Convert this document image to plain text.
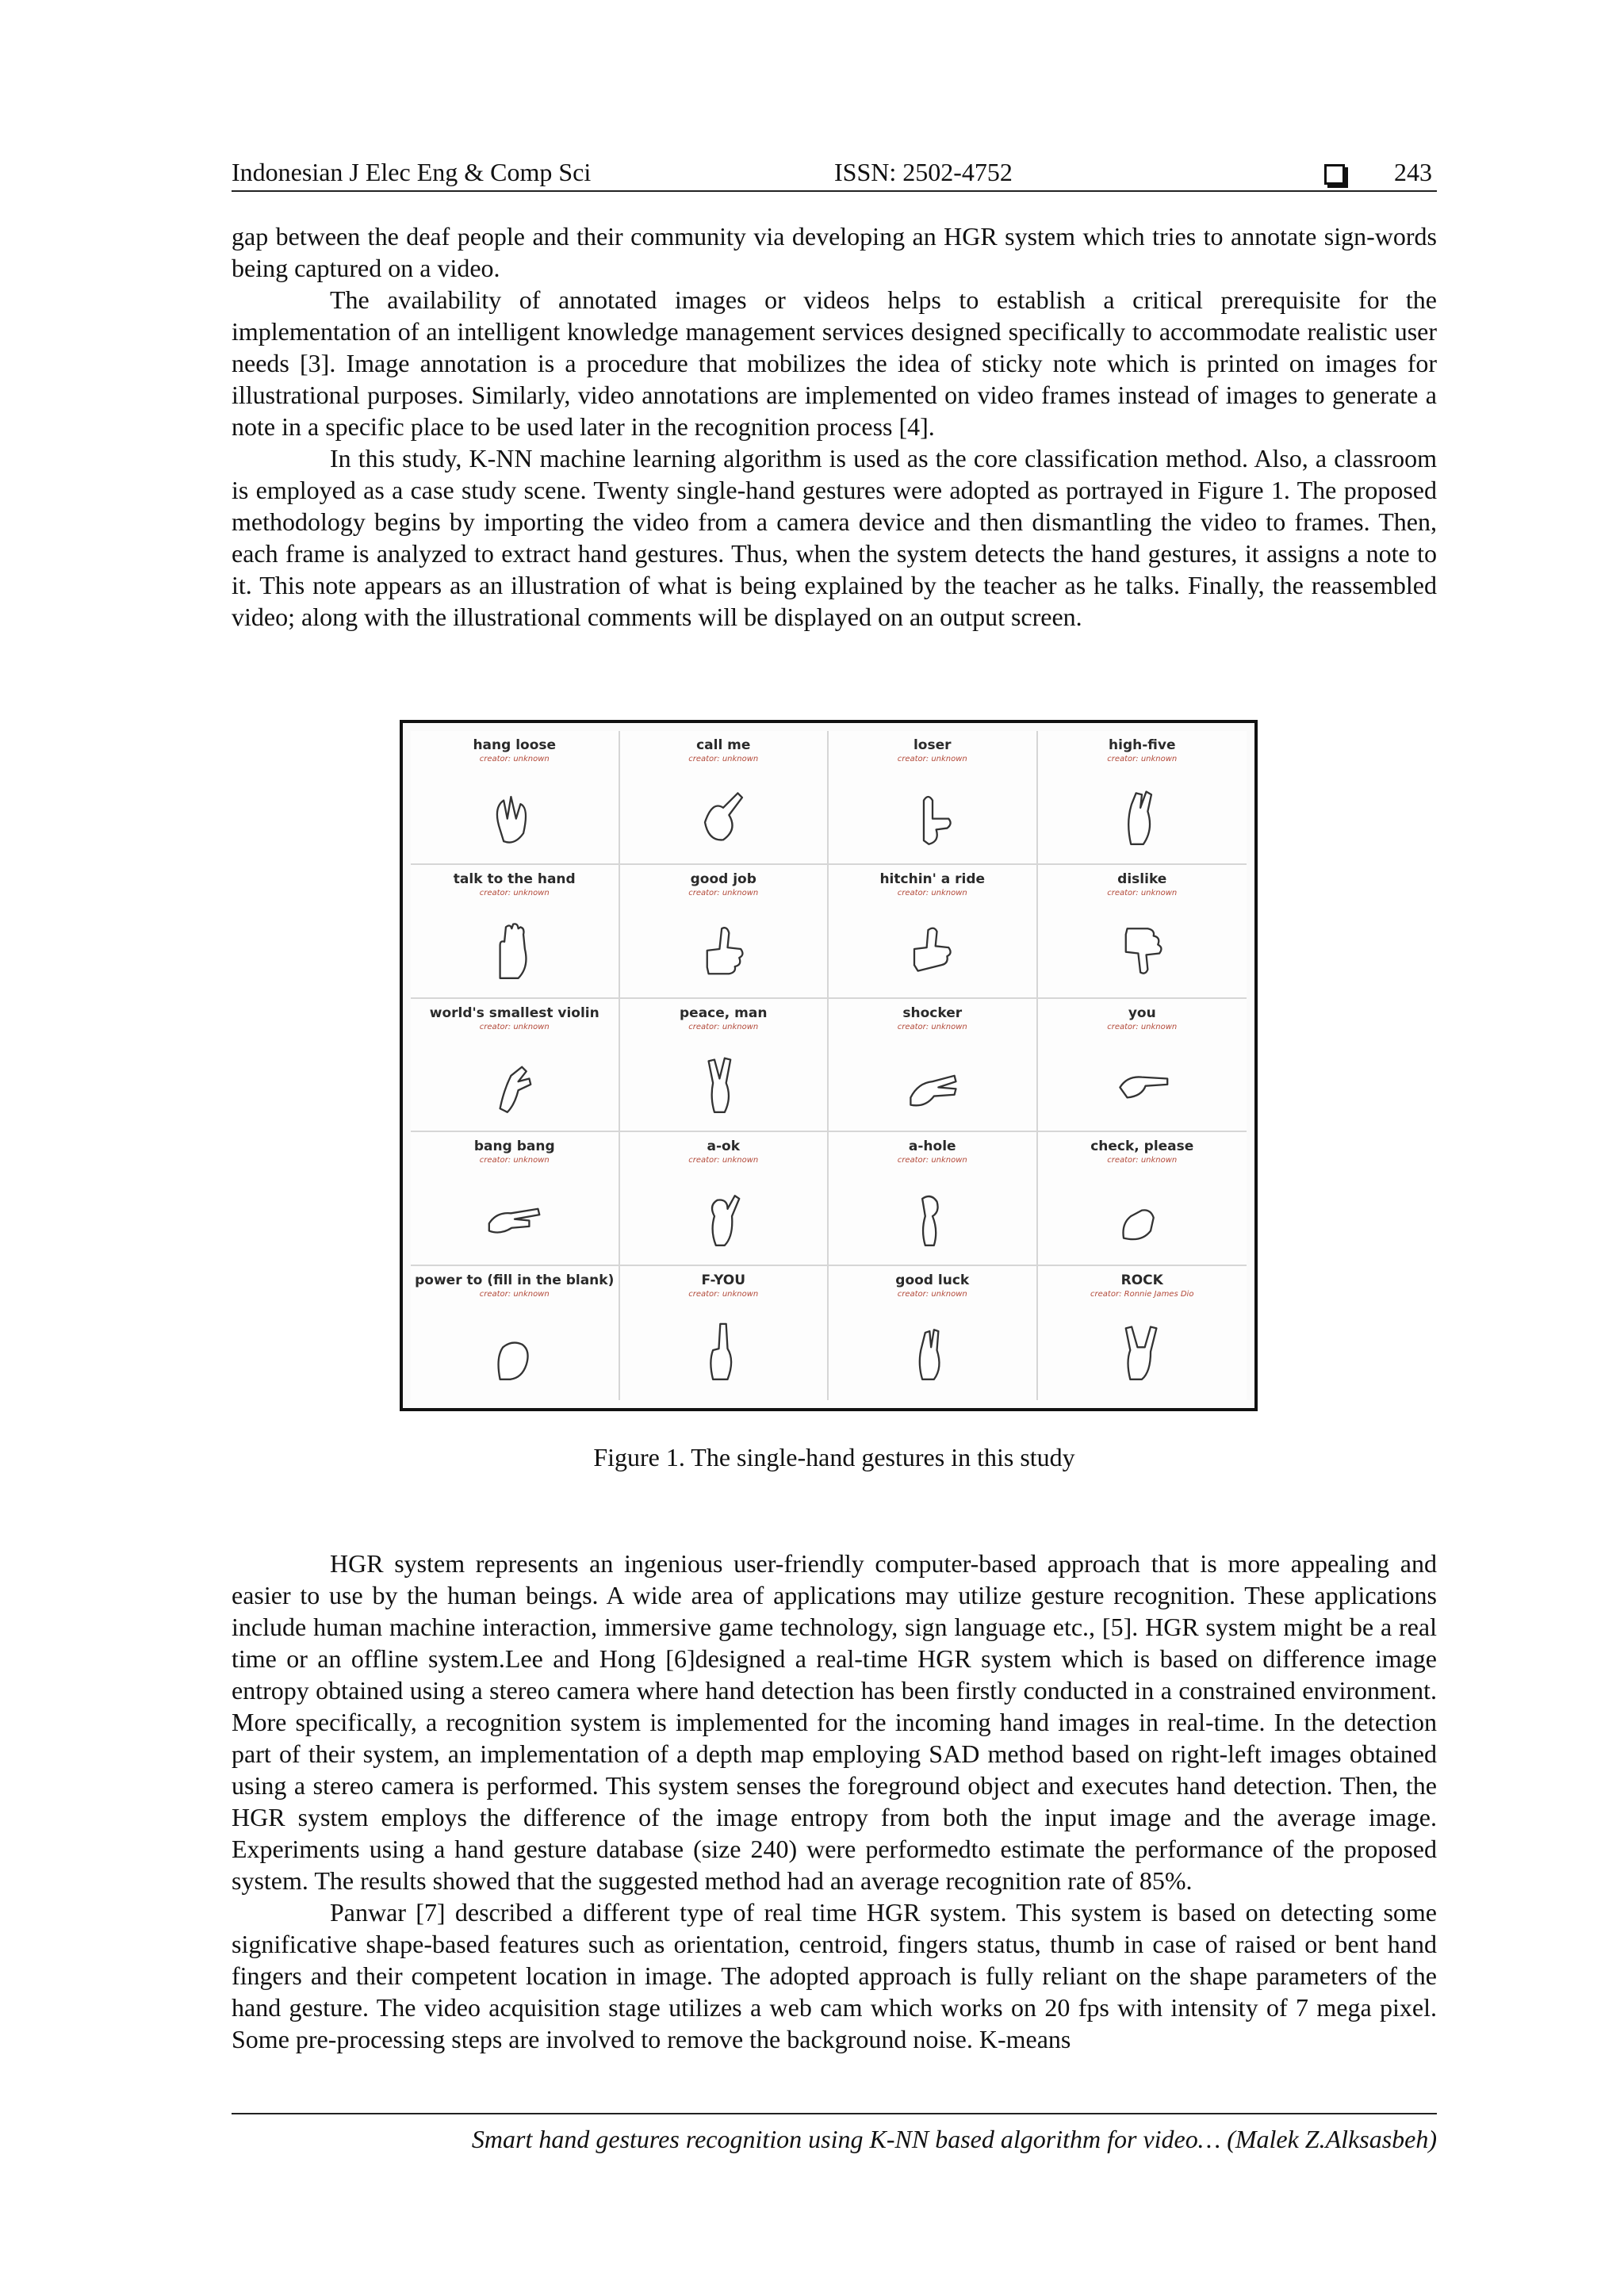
Indonesian J Elec Eng & Comp Sci	ISSN: 2502-4752	243

gap between the deaf people and their community via developing an HGR system which tries to annotate sign-words being captured on a video.

The availability of annotated images or videos helps to establish a critical prerequisite for the implementation of an intelligent knowledge management services designed specifically to accommodate realistic user needs [3]. Image annotation is a procedure that mobilizes the idea of sticky note which is printed on images for illustrational purposes. Similarly, video annotations are implemented on video frames instead of images to generate a note in a specific place to be used later in the recognition process [4].

In this study, K-NN machine learning algorithm is used as the core classification method. Also, a classroom is employed as a case study scene. Twenty single-hand gestures were adopted as portrayed in Figure 1. The proposed methodology begins by importing the video from a camera device and then dismantling the video to frames. Then, each frame is analyzed to extract hand gestures. Thus, when the system detects the hand gestures, it assigns a note to it. This note appears as an illustration of what is being explained by the teacher as he talks. Finally, the reassembled video; along with the illustrational comments will be displayed on an output screen.

hang loose
creator: unknown
call me
creator: unknown
loser
creator: unknown
high-five
creator: unknown
talk to the hand
creator: unknown
good job
creator: unknown
hitchin' a ride
creator: unknown
dislike
creator: unknown
world's smallest violin
creator: unknown
peace, man
creator: unknown
shocker
creator: unknown
you
creator: unknown
bang bang
creator: unknown
a-ok
creator: unknown
a-hole
creator: unknown
check, please
creator: unknown
power to (fill in the blank)
creator: unknown
F-YOU
creator: unknown
good luck
creator: unknown
ROCK
creator: Ronnie James Dio
Figure 1. The single-hand gestures in this study

HGR system represents an ingenious user-friendly computer-based approach that is more appealing and easier to use by the human beings. A wide area of applications may utilize gesture recognition. These applications include human machine interaction, immersive game technology, sign language etc., [5]. HGR system might be a real time or an offline system.Lee and Hong [6]designed a real-time HGR system which is based on difference image entropy obtained using a stereo camera where hand detection has been firstly conducted in a constrained environment. More specifically, a recognition system is implemented for the incoming hand images in real-time. In the detection part of their system, an implementation of a depth map employing SAD method based on right-left images obtained using a stereo camera is performed. This system senses the foreground object and executes hand detection. Then, the HGR system employs the difference of the image entropy from both the input image and the average image. Experiments using a hand gesture database (size 240) were performedto estimate the performance of the proposed system. The results showed that the suggested method had an average recognition rate of 85%.

Panwar [7] described a different type of real time HGR system. This system is based on detecting some significative shape-based features such as orientation, centroid, fingers status, thumb in case of raised or bent hand fingers and their competent location in image. The adopted approach is fully reliant on the shape parameters of the hand gesture. The video acquisition stage utilizes a web cam which works on 20 fps with intensity of 7 mega pixel. Some pre-processing steps are involved to remove the background noise. K-means

Smart hand gestures recognition using K-NN based algorithm for video… (Malek Z.Alksasbeh)
